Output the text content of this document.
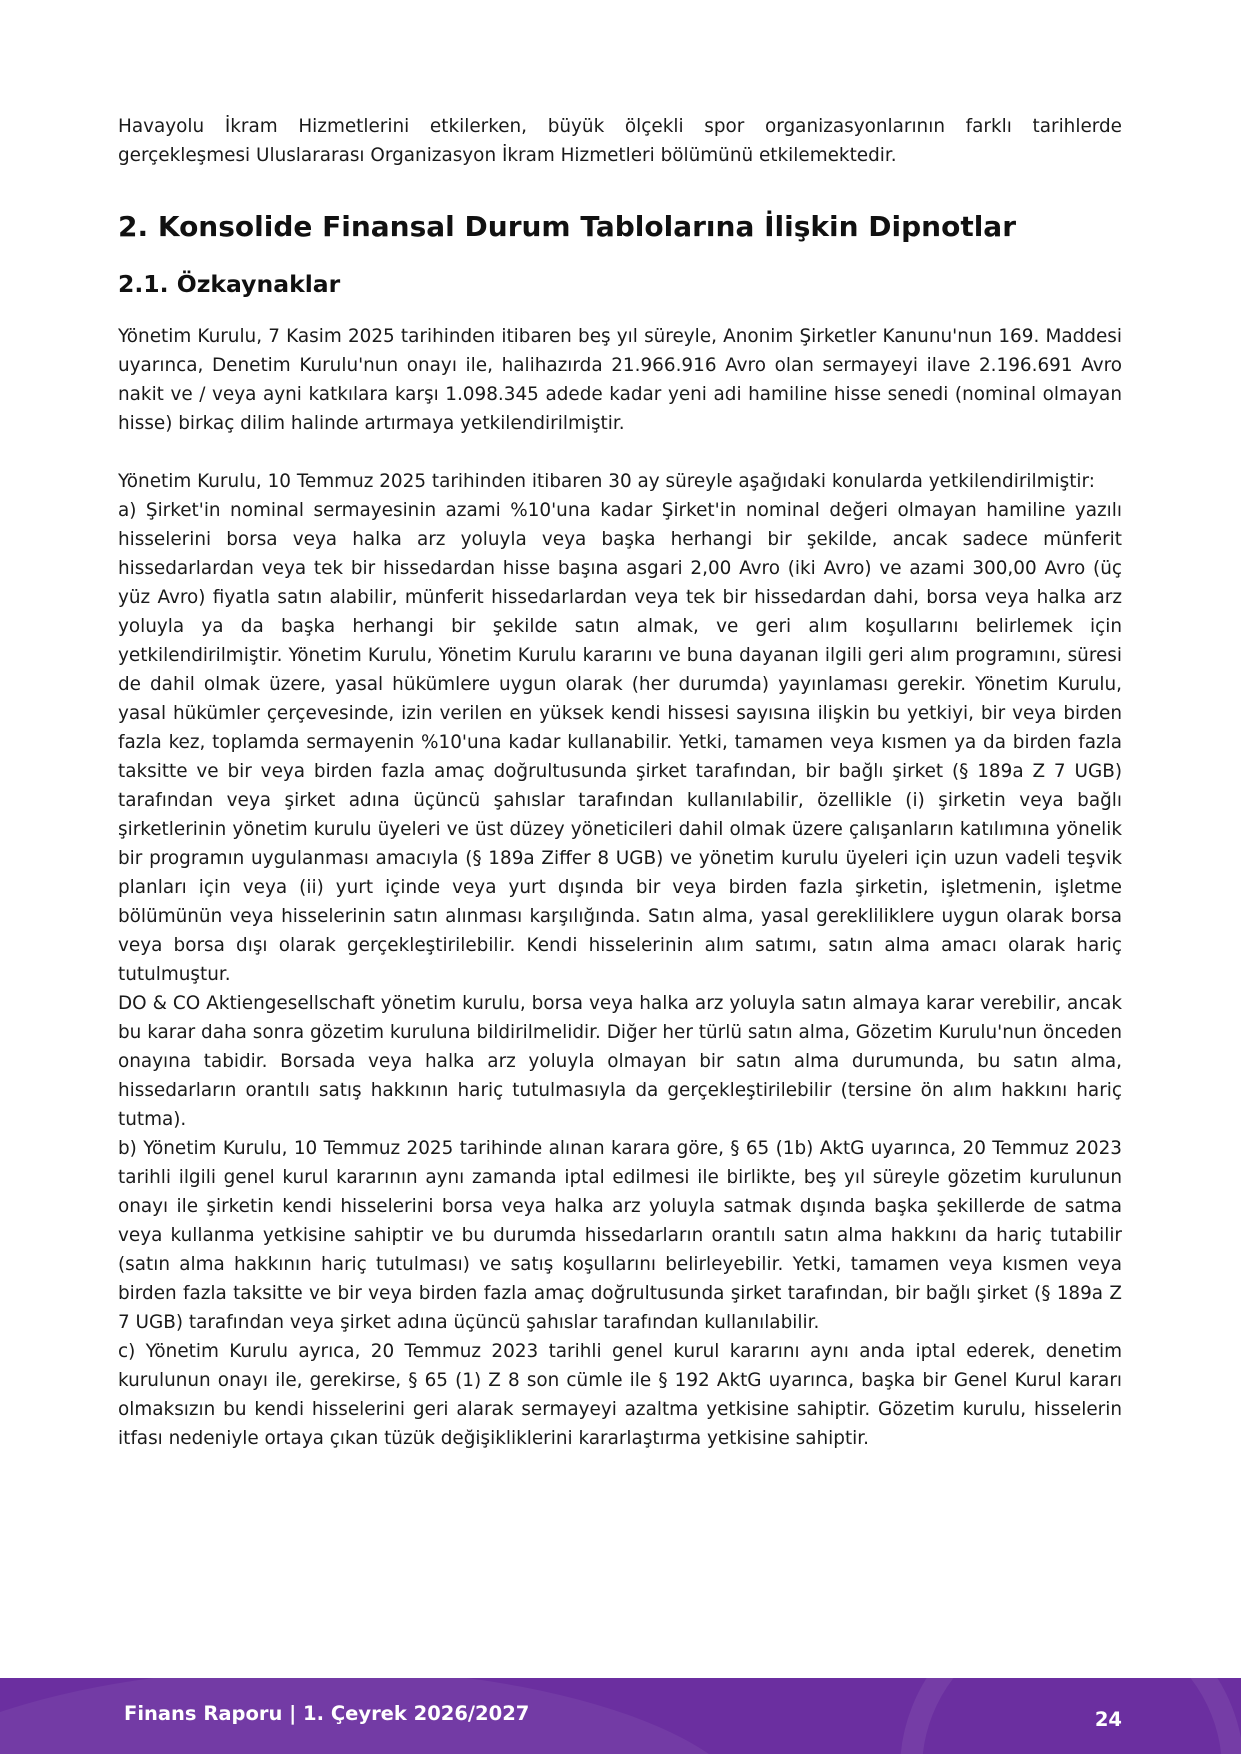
Havayolu İkram Hizmetlerini etkilerken, büyük ölçekli spor organizasyonlarının farklı tarihlerde gerçekleşmesi Uluslararası Organizasyon İkram Hizmetleri bölümünü etkilemektedir.

2. Konsolide Finansal Durum Tablolarına İlişkin Dipnotlar
2.1. Özkaynaklar

Yönetim Kurulu, 7 Kasim 2025 tarihinden itibaren beş yıl süreyle, Anonim Şirketler Kanunu'nun 169. Maddesi uyarınca, Denetim Kurulu'nun onayı ile, halihazırda 21.966.916 Avro olan sermayeyi ilave 2.196.691 Avro nakit ve / veya ayni katkılara karşı 1.098.345 adede kadar yeni adi hamiline hisse senedi (nominal olmayan hisse) birkaç dilim halinde artırmaya yetkilendirilmiştir.

Yönetim Kurulu, 10 Temmuz 2025 tarihinden itibaren 30 ay süreyle aşağıdaki konularda yetkilendirilmiştir:

a) Şirket'in nominal sermayesinin azami %10'una kadar Şirket'in nominal değeri olmayan hamiline yazılı hisselerini borsa veya halka arz yoluyla veya başka herhangi bir şekilde, ancak sadece münferit hissedarlardan veya tek bir hissedardan hisse başına asgari 2,00 Avro (iki Avro) ve azami 300,00 Avro (üç yüz Avro) fiyatla satın alabilir, münferit hissedarlardan veya tek bir hissedardan dahi, borsa veya halka arz yoluyla ya da başka herhangi bir şekilde satın almak, ve geri alım koşullarını belirlemek için yetkilendirilmiştir. Yönetim Kurulu, Yönetim Kurulu kararını ve buna dayanan ilgili geri alım programını, süresi de dahil olmak üzere, yasal hükümlere uygun olarak (her durumda) yayınlaması gerekir. Yönetim Kurulu, yasal hükümler çerçevesinde, izin verilen en yüksek kendi hissesi sayısına ilişkin bu yetkiyi, bir veya birden fazla kez, toplamda sermayenin %10'una kadar kullanabilir. Yetki, tamamen veya kısmen ya da birden fazla taksitte ve bir veya birden fazla amaç doğrultusunda şirket tarafından, bir bağlı şirket (§ 189a Z 7 UGB) tarafından veya şirket adına üçüncü şahıslar tarafından kullanılabilir, özellikle (i) şirketin veya bağlı şirketlerinin yönetim kurulu üyeleri ve üst düzey yöneticileri dahil olmak üzere çalışanların katılımına yönelik bir programın uygulanması amacıyla (§ 189a Ziffer 8 UGB) ve yönetim kurulu üyeleri için uzun vadeli teşvik planları için veya (ii) yurt içinde veya yurt dışında bir veya birden fazla şirketin, işletmenin, işletme bölümünün veya hisselerinin satın alınması karşılığında. Satın alma, yasal gerekliliklere uygun olarak borsa veya borsa dışı olarak gerçekleştirilebilir. Kendi hisselerinin alım satımı, satın alma amacı olarak hariç tutulmuştur.

DO & CO Aktiengesellschaft yönetim kurulu, borsa veya halka arz yoluyla satın almaya karar verebilir, ancak bu karar daha sonra gözetim kuruluna bildirilmelidir. Diğer her türlü satın alma, Gözetim Kurulu'nun önceden onayına tabidir. Borsada veya halka arz yoluyla olmayan bir satın alma durumunda, bu satın alma, hissedarların orantılı satış hakkının hariç tutulmasıyla da gerçekleştirilebilir (tersine ön alım hakkını hariç tutma).

b) Yönetim Kurulu, 10 Temmuz 2025 tarihinde alınan karara göre, § 65 (1b) AktG uyarınca, 20 Temmuz 2023 tarihli ilgili genel kurul kararının aynı zamanda iptal edilmesi ile birlikte, beş yıl süreyle gözetim kurulunun onayı ile şirketin kendi hisselerini borsa veya halka arz yoluyla satmak dışında başka şekillerde de satma veya kullanma yetkisine sahiptir ve bu durumda hissedarların orantılı satın alma hakkını da hariç tutabilir (satın alma hakkının hariç tutulması) ve satış koşullarını belirleyebilir. Yetki, tamamen veya kısmen veya birden fazla taksitte ve bir veya birden fazla amaç doğrultusunda şirket tarafından, bir bağlı şirket (§ 189a Z 7 UGB) tarafından veya şirket adına üçüncü şahıslar tarafından kullanılabilir.

c) Yönetim Kurulu ayrıca, 20 Temmuz 2023 tarihli genel kurul kararını aynı anda iptal ederek, denetim kurulunun onayı ile, gerekirse, § 65 (1) Z 8 son cümle ile § 192 AktG uyarınca, başka bir Genel Kurul kararı olmaksızın bu kendi hisselerini geri alarak sermayeyi azaltma yetkisine sahiptir. Gözetim kurulu, hisselerin itfası nedeniyle ortaya çıkan tüzük değişikliklerini kararlaştırma yetkisine sahiptir.

Finans Raporu | 1. Çeyrek 2026/2027	24
